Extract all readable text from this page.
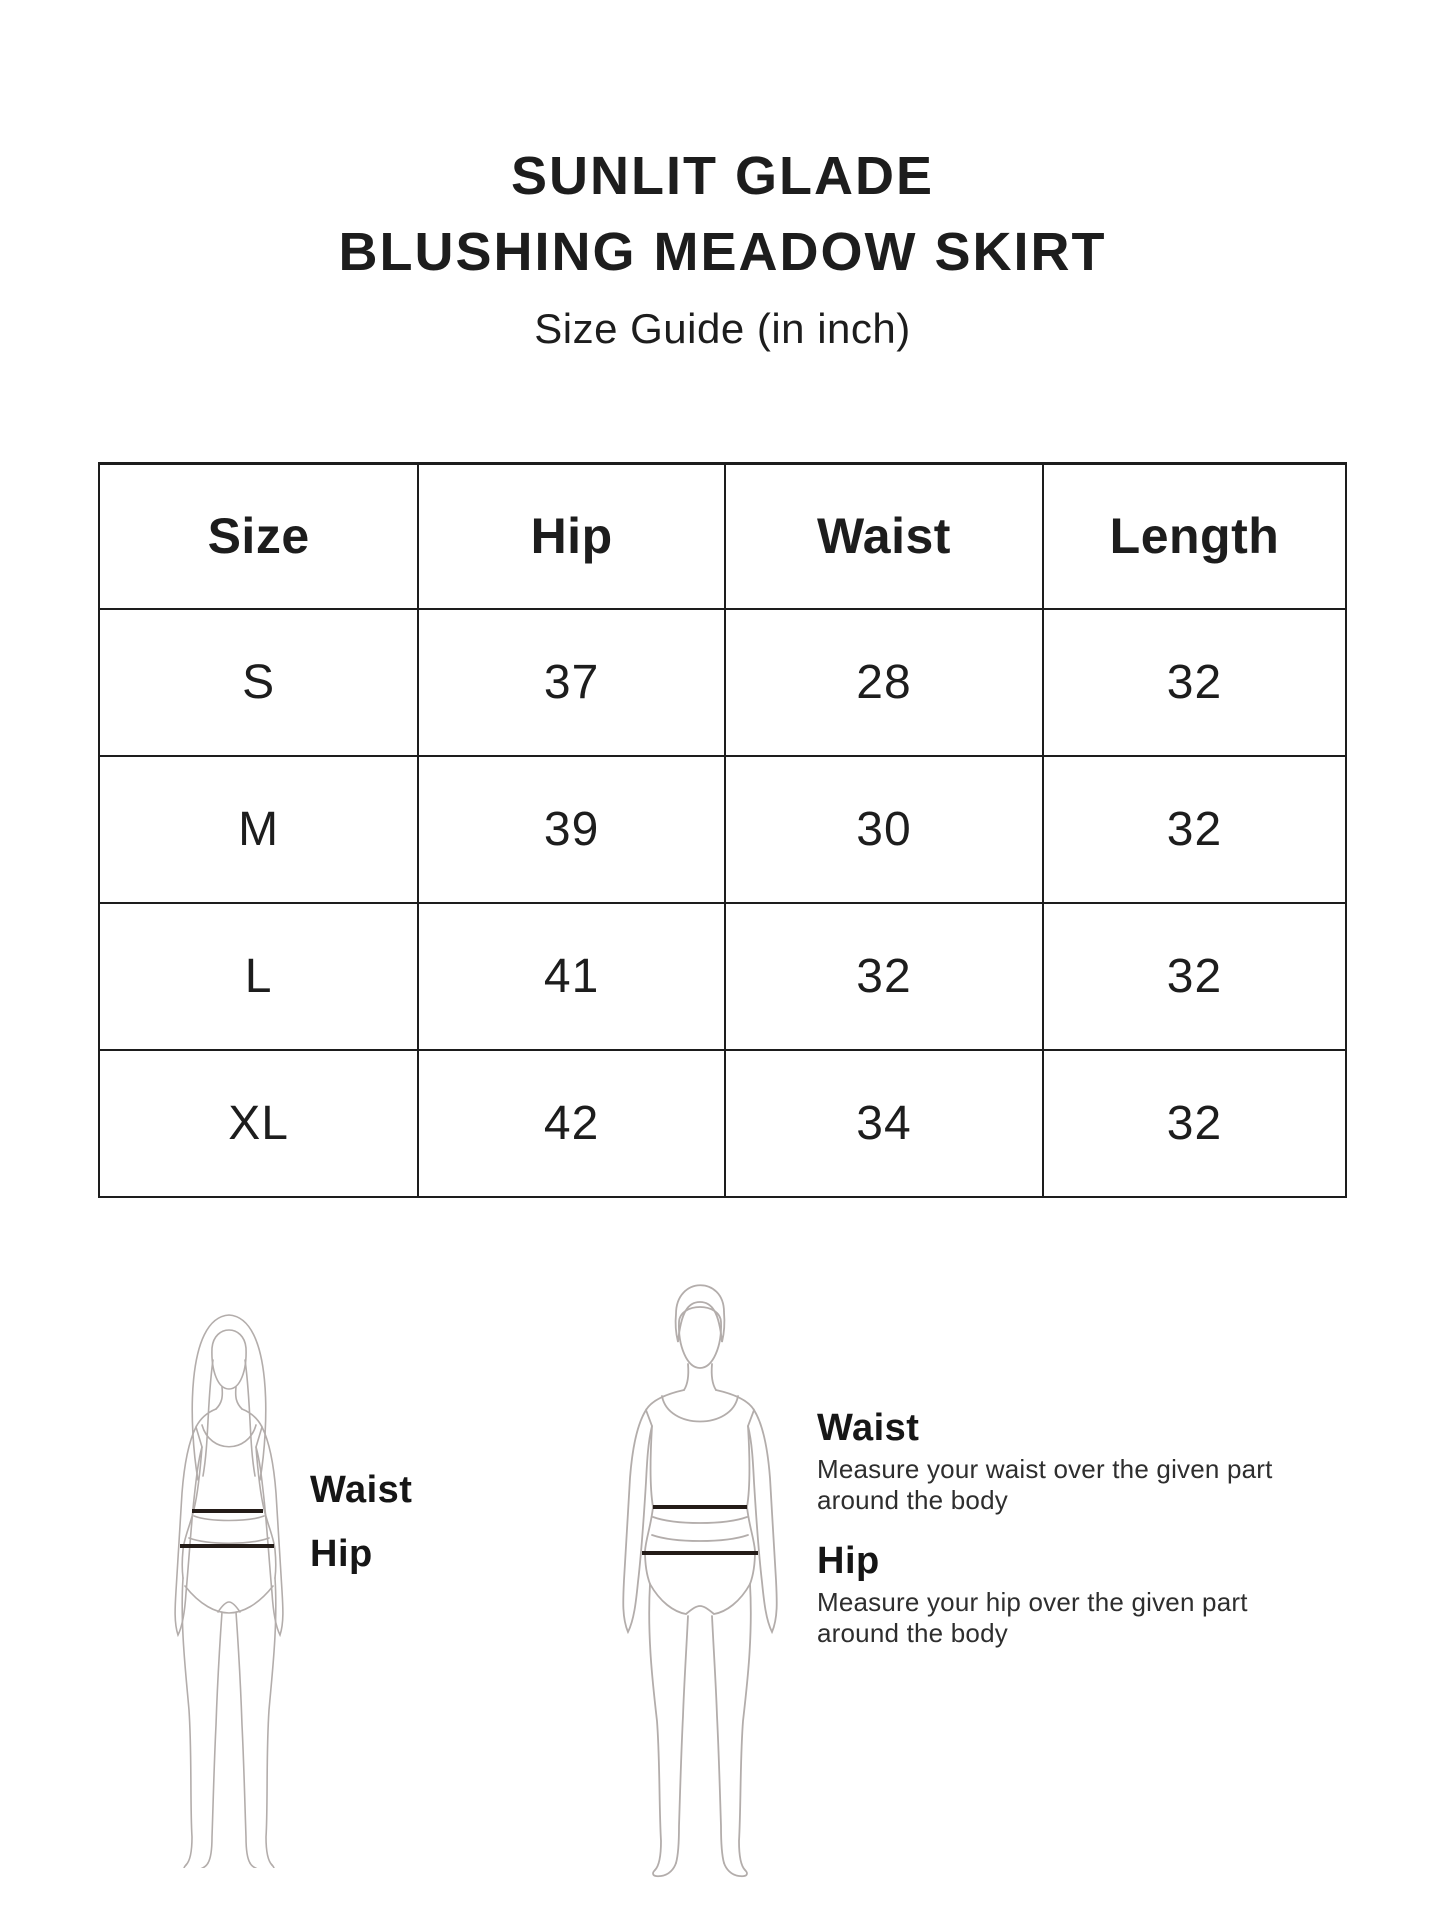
SUNLIT GLADE
BLUSHING MEADOW SKIRT
Size Guide (in inch)
Size	Hip	Waist	Length
S	37	28	32
M	39	30	32
L	41	32	32
XL	42	34	32
Waist
Hip
Waist
Measure your waist over the given part around the body
Hip
Measure your hip over the given part around the body
